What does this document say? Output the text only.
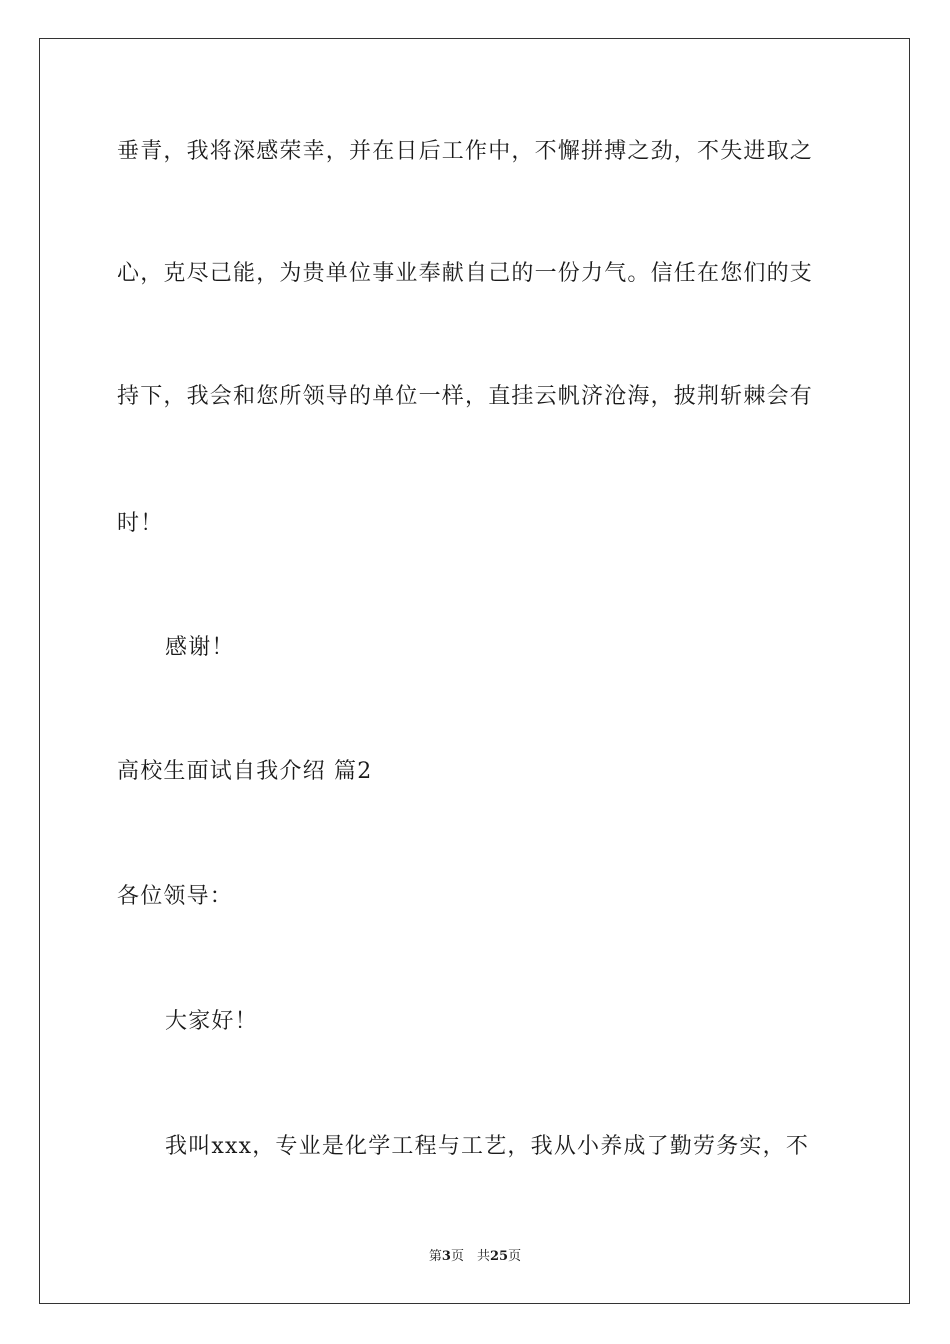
垂青，我将深感荣幸，并在日后工作中，不懈拼搏之劲，不失进取之
心，克尽己能，为贵单位事业奉献自己的一份力气。信任在您们的支
持下，我会和您所领导的单位一样，直挂云帆济沧海，披荆斩棘会有
时！
感谢！
高校生面试自我介绍 篇2
各位领导：
大家好！
我叫xxx，专业是化学工程与工艺，我从小养成了勤劳务实，不
第3页　共25页
